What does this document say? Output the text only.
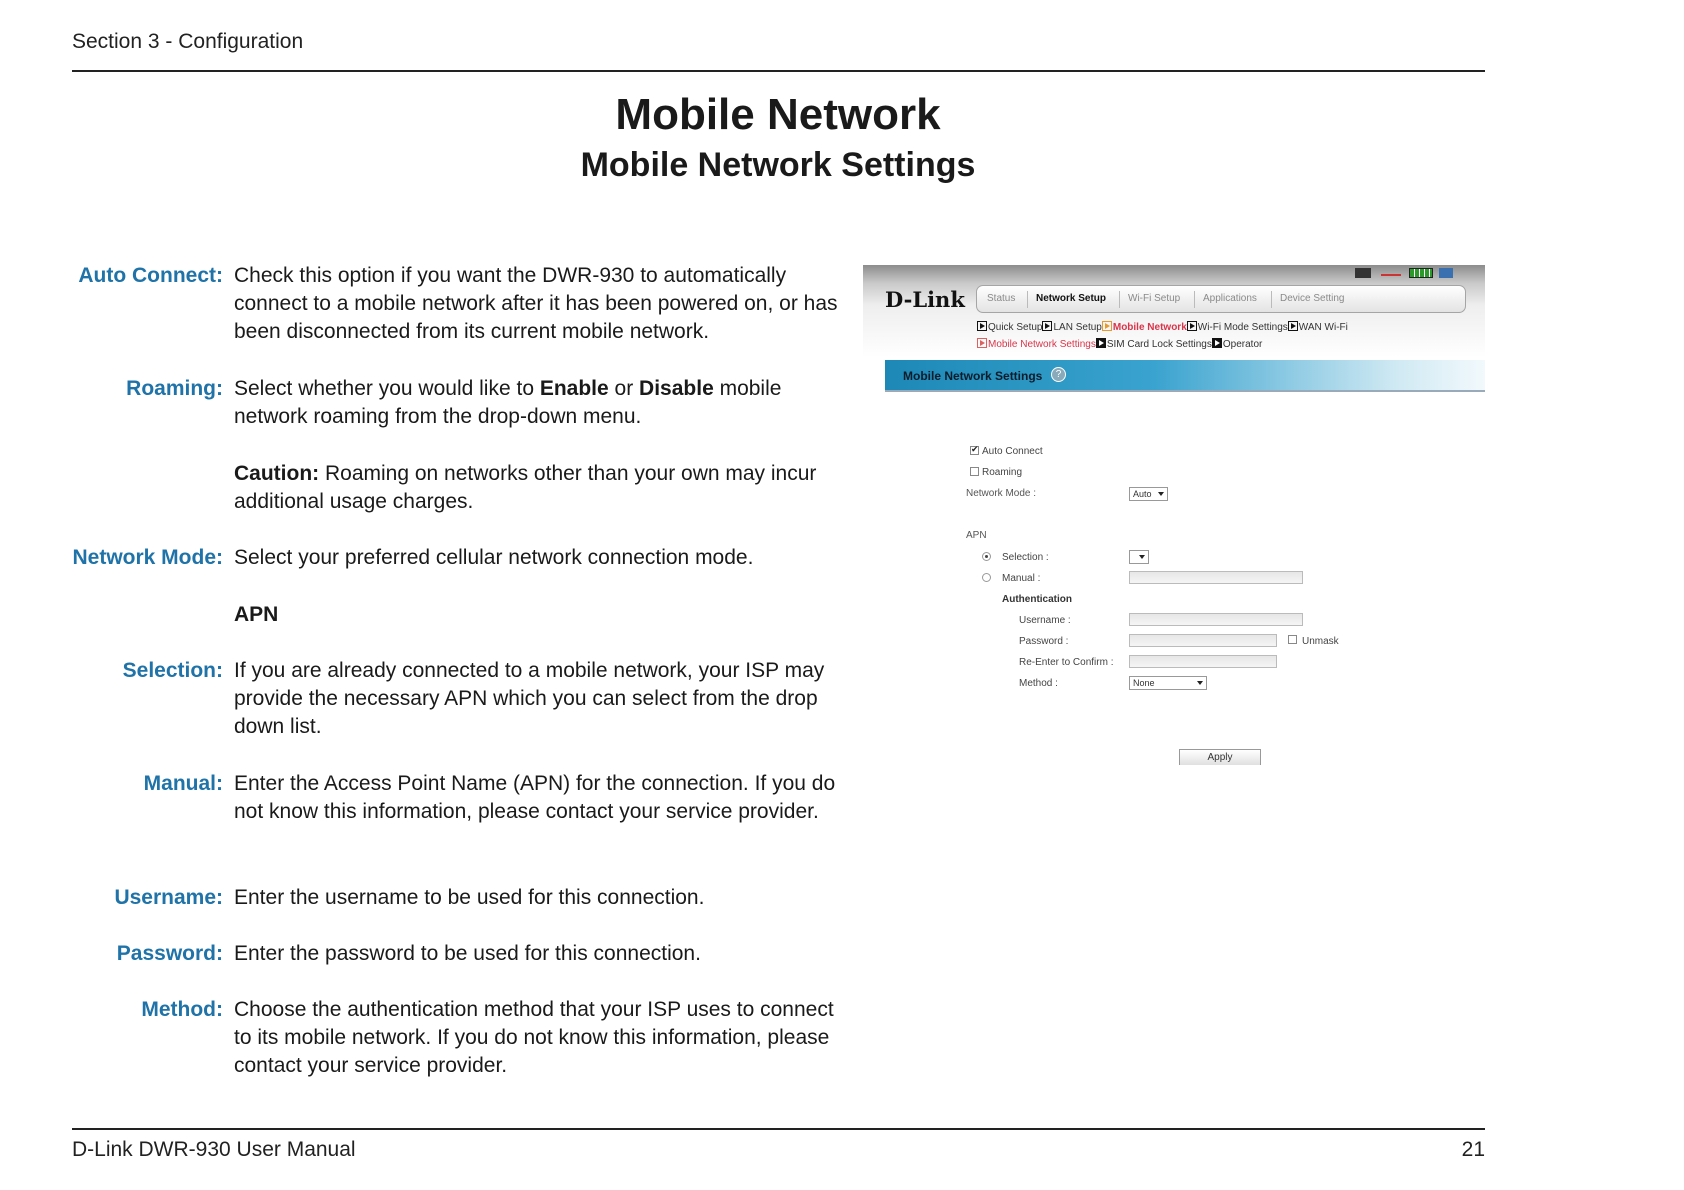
Section 3 - Configuration
Mobile Network
Mobile Network Settings
Auto Connect: Check this option if you want the DWR-930 to automatically connect to a mobile network after it has been powered on, or has been disconnected from its current mobile network.
Roaming: Select whether you would like to Enable or Disable mobile network roaming from the drop-down menu.
Caution: Roaming on networks other than your own may incur additional usage charges.
Network Mode: Select your preferred cellular network connection mode.
APN
Selection: If you are already connected to a mobile network, your ISP may provide the necessary APN which you can select from the drop down list.
Manual: Enter the Access Point Name (APN) for the connection. If you do not know this information, please contact your service provider.
Username: Enter the username to be used for this connection.
Password: Enter the password to be used for this connection.
Method: Choose the authentication method that your ISP uses to connect to its mobile network. If you do not know this information, please contact your service provider.
D-Link Status Network Setup Wi-Fi Setup Applications Device Setting
Quick Setup LAN Setup Mobile Network Wi-Fi Mode Settings WAN Wi-Fi
Mobile Network Settings SIM Card Lock Settings Operator
Mobile Network Settings	?
✔
Auto Connect
Roaming
Network Mode :	Auto
APN
Selection :
Manual :
Authentication
Username :
Password :	Unmask
Re-Enter to Confirm :
Method :	None
Apply
D-Link DWR-930 User Manual	21
